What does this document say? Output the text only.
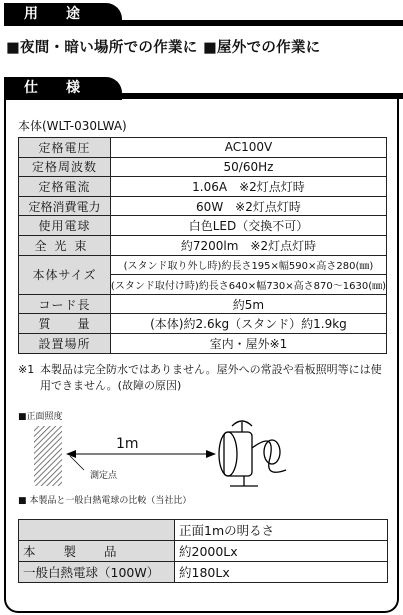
用　　途
■夜間・暗い場所での作業に ■屋外での作業に
仕　　様
本体(WLT-030LWA)
定格電圧	AC100V
定格周波数	50/60Hz
定格電流	1.06A　※2灯点灯時
定格消費電力	60W　※2灯点灯時
使用電球	白色LED（交換不可）
全光束	約7200lm　※2灯点灯時
本体サイズ	(スタンド取り外し時)約長さ195×幅590×高さ280(㎜)
	(スタンド取付け時)約長さ640×幅730×高さ870～1630(㎜)
コード長	約5m
質　　量	(本体)約2.6kg（スタンド）約1.9kg
設置場所	室内・屋外※1
※1 本製品は完全防水ではありません。屋外への常設や看板照明等には使用できません。(故障の原因)
■正面照度
1m
測定点
■ 本製品と一般白熱電球の比較（当社比）
	正面1mの明るさ
本　　製　　品	約2000Lx
一般白熱電球（100W）	約180Lx
